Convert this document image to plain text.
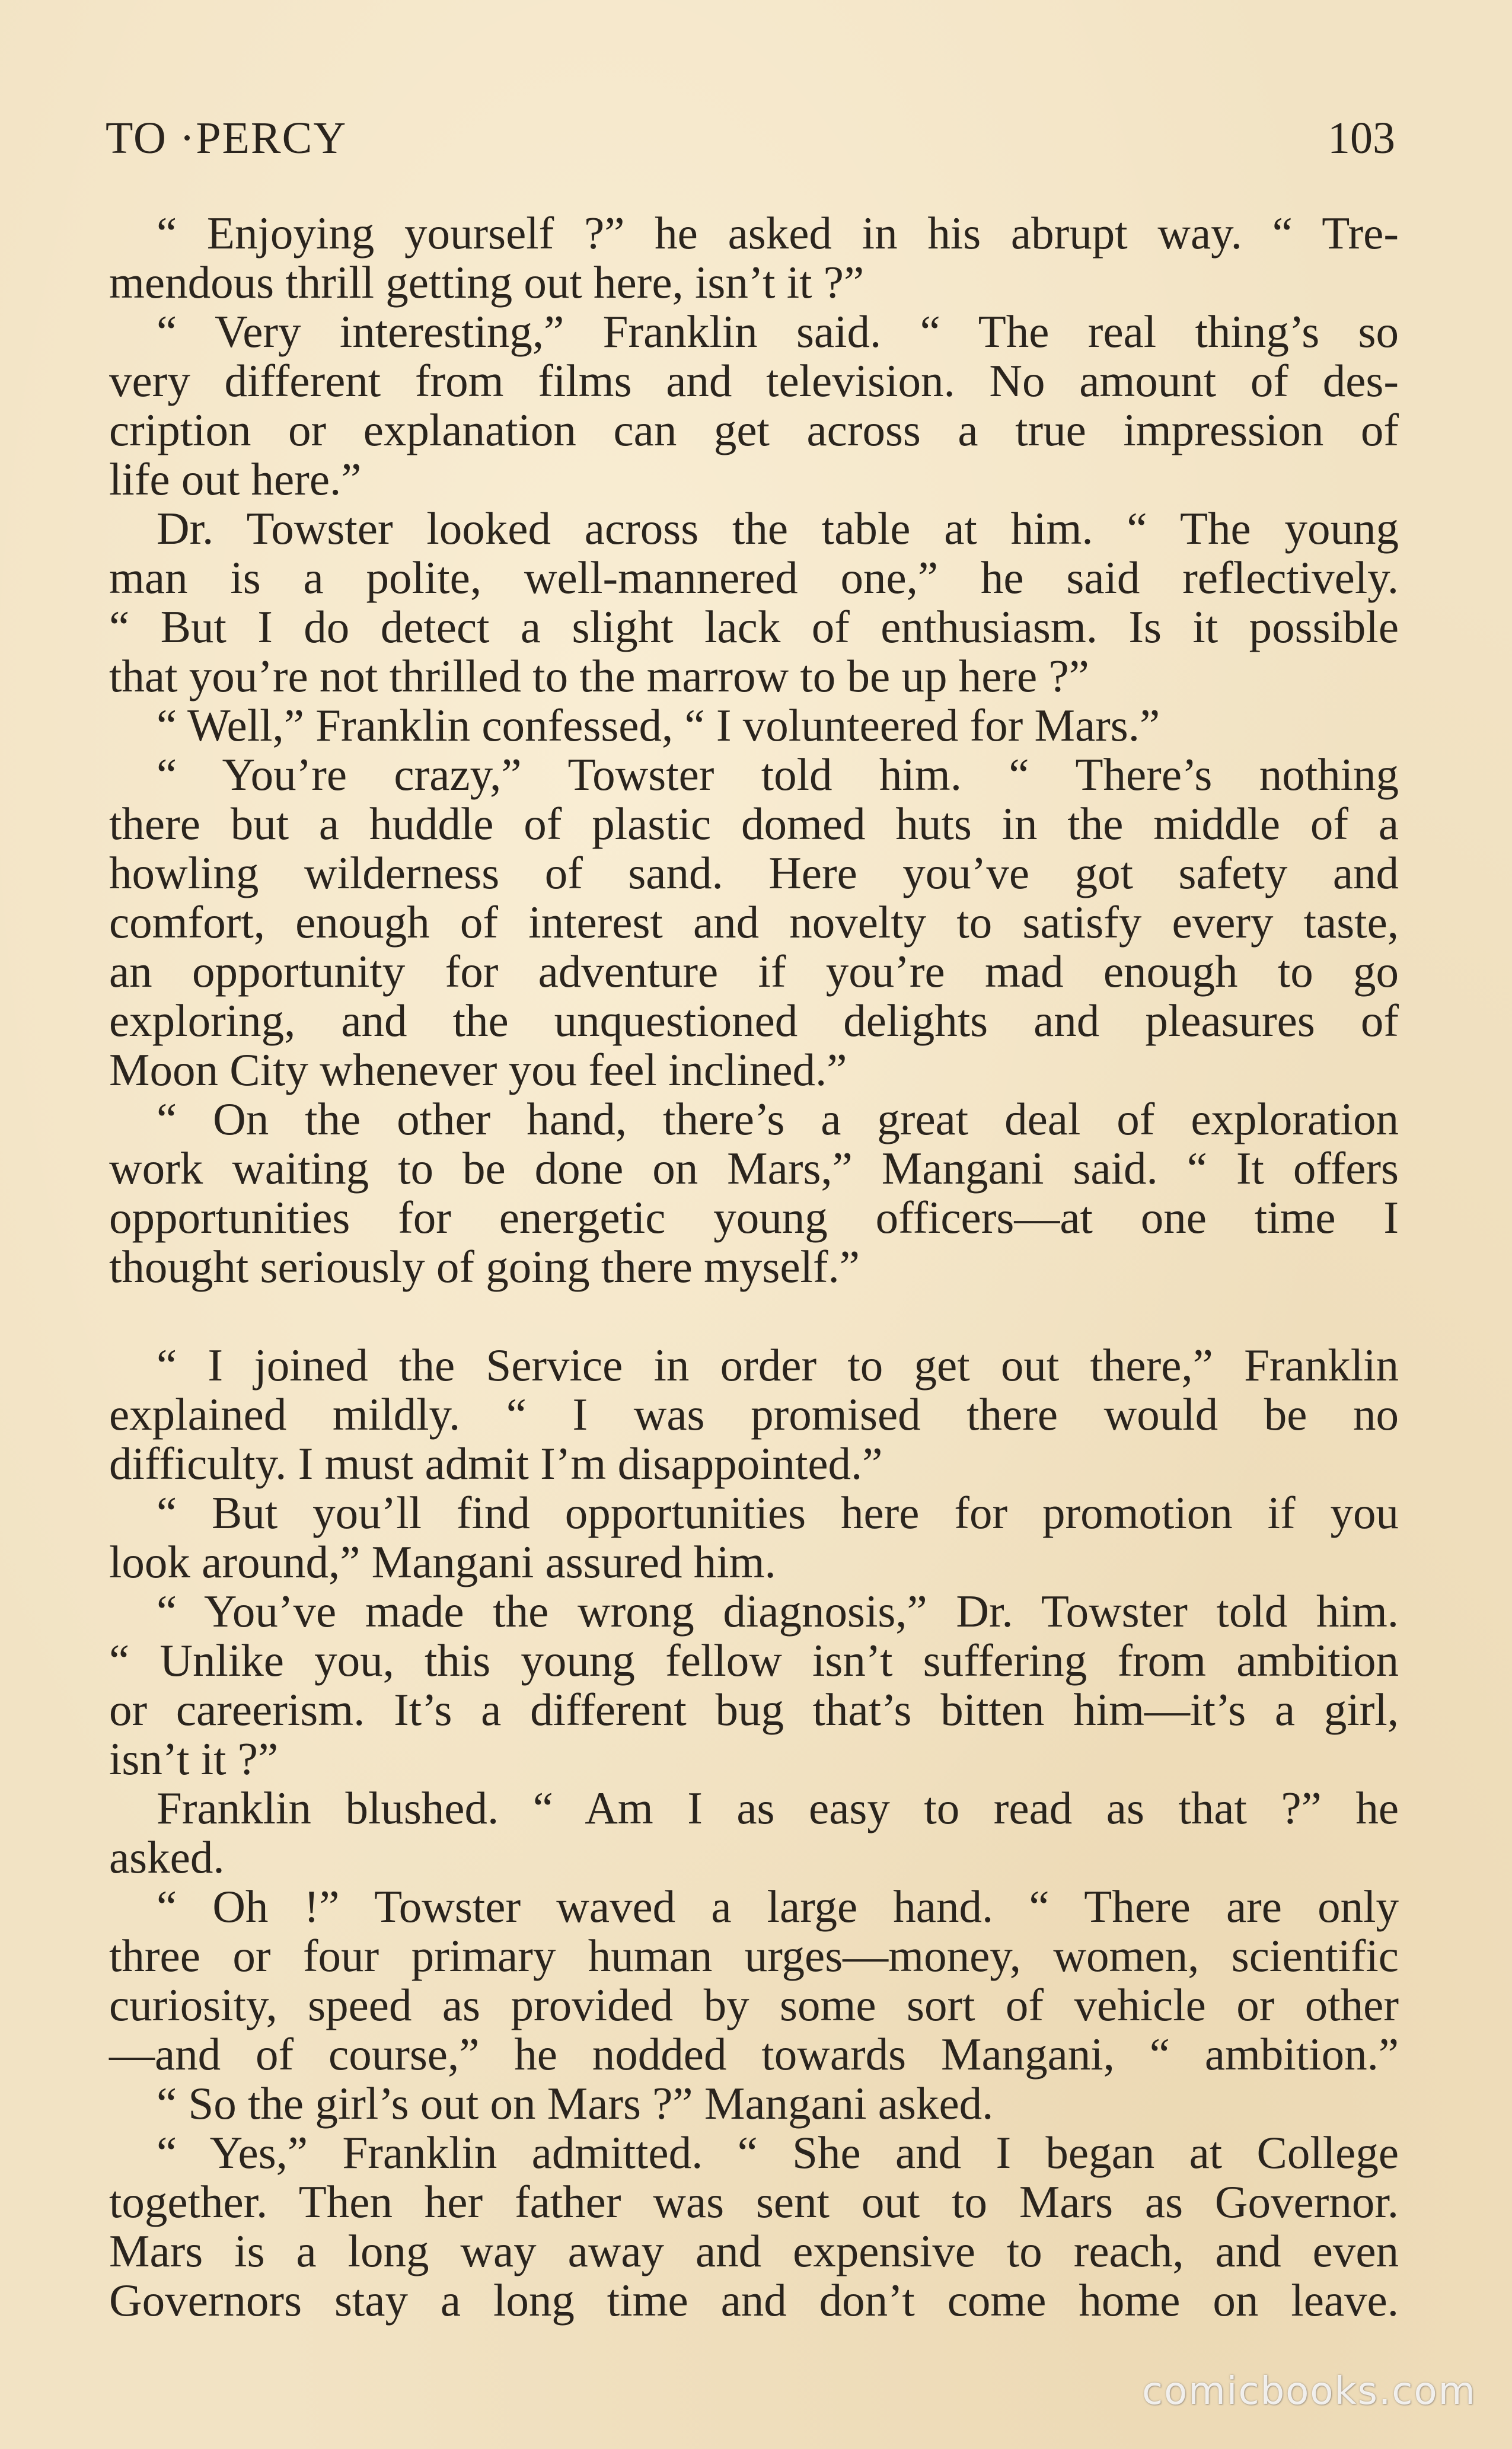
TO ·PERCY	103
“ Enjoying yourself ?” he asked in his abrupt way. “ Tre-
mendous thrill getting out here, isn’t it ?”
“ Very interesting,” Franklin said. “ The real thing’s so
very different from films and television. No amount of des-
cription or explanation can get across a true impression of
life out here.”
Dr. Towster looked across the table at him. “ The young
man is a polite, well-mannered one,” he said reflectively.
“ But I do detect a slight lack of enthusiasm. Is it possible
that you’re not thrilled to the marrow to be up here ?”
“ Well,” Franklin confessed, “ I volunteered for Mars.”
“ You’re crazy,” Towster told him. “ There’s nothing
there but a huddle of plastic domed huts in the middle of a
howling wilderness of sand. Here you’ve got safety and
comfort, enough of interest and novelty to satisfy every taste,
an opportunity for adventure if you’re mad enough to go
exploring, and the unquestioned delights and pleasures of
Moon City whenever you feel inclined.”
“ On the other hand, there’s a great deal of exploration
work waiting to be done on Mars,” Mangani said. “ It offers
opportunities for energetic young officers—at one time I
thought seriously of going there myself.”
“ I joined the Service in order to get out there,” Franklin
explained mildly. “ I was promised there would be no
difficulty. I must admit I’m disappointed.”
“ But you’ll find opportunities here for promotion if you
look around,” Mangani assured him.
“ You’ve made the wrong diagnosis,” Dr. Towster told him.
“ Unlike you, this young fellow isn’t suffering from ambition
or careerism. It’s a different bug that’s bitten him—it’s a girl,
isn’t it ?”
Franklin blushed. “ Am I as easy to read as that ?” he
asked.
“ Oh !” Towster waved a large hand. “ There are only
three or four primary human urges—money, women, scientific
curiosity, speed as provided by some sort of vehicle or other
—and of course,” he nodded towards Mangani, “ ambition.”
“ So the girl’s out on Mars ?” Mangani asked.
“ Yes,” Franklin admitted. “ She and I began at College
together. Then her father was sent out to Mars as Governor.
Mars is a long way away and expensive to reach, and even
Governors stay a long time and don’t come home on leave.
comicbooks.com
